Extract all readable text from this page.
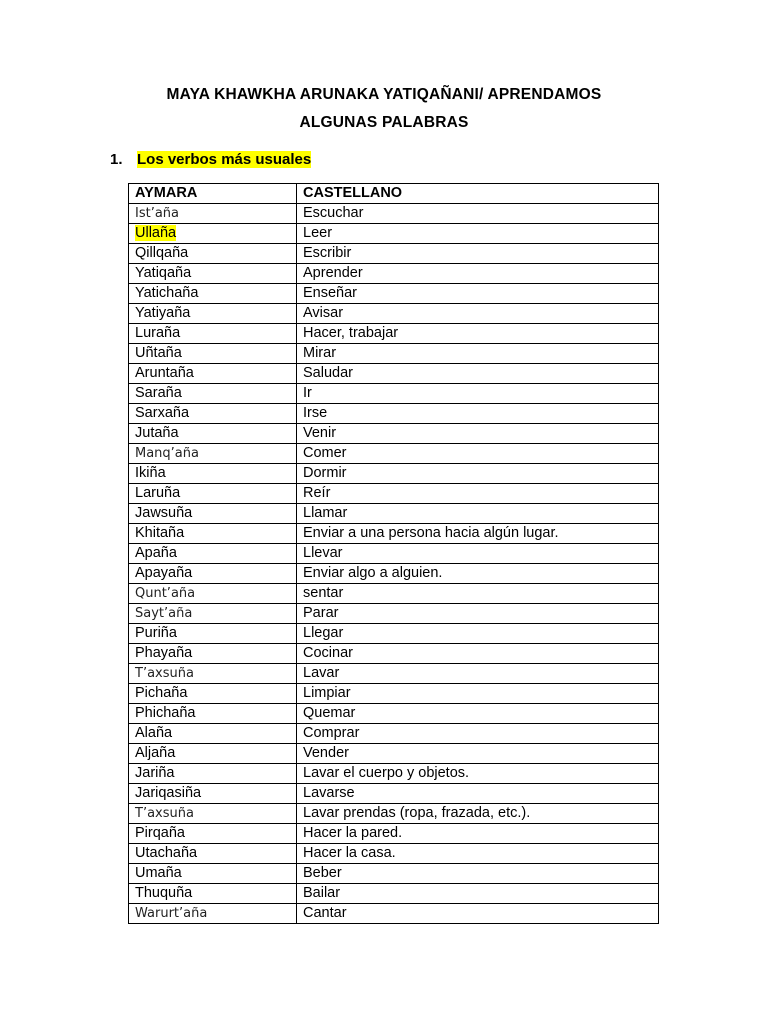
MAYA KHAWKHA ARUNAKA YATIQAÑANI/ APRENDAMOS
ALGUNAS PALABRAS
1. Los verbos más usuales
AYMARA	CASTELLANO
Ist’aña	Escuchar
Ullaña	Leer
Qillqaña	Escribir
Yatiqaña	Aprender
Yatichaña	Enseñar
Yatiyaña	Avisar
Luraña	Hacer, trabajar
Uñtaña	Mirar
Aruntaña	Saludar
Saraña	Ir
Sarxaña	Irse
Jutaña	Venir
Manq’aña	Comer
Ikiña	Dormir
Laruña	Reír
Jawsuña	Llamar
Khitaña	Enviar a una persona hacia algún lugar.
Apaña	Llevar
Apayaña	Enviar algo a alguien.
Qunt’aña	sentar
Sayt’aña	Parar
Puriña	Llegar
Phayaña	Cocinar
T’axsuña	Lavar
Pichaña	Limpiar
Phichaña	Quemar
Alaña	Comprar
Aljaña	Vender
Jariña	Lavar el cuerpo y objetos.
Jariqasiña	Lavarse
T’axsuña	Lavar prendas (ropa, frazada, etc.).
Pirqaña	Hacer la pared.
Utachaña	Hacer la casa.
Umaña	Beber
Thuquña	Bailar
Warurt’aña	Cantar
